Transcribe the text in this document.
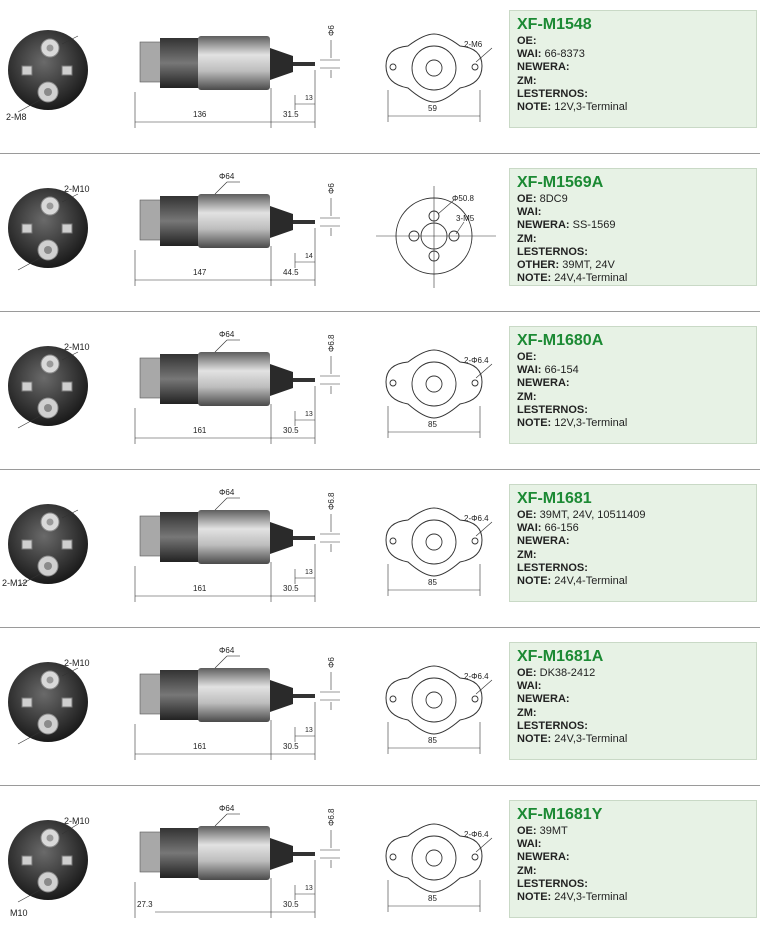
2-M8
Φ6
136	31.5
13
2-M6
59
XF-M1548
OE:
WAI: 66-8373
NEWERA:
ZM:
LESTERNOS:
NOTE: 12V,3-Terminal
2-M10
Φ64
Φ6
147	44.5
14
3-M5
Φ50.8
XF-M1569A
OE: 8DC9
WAI:
NEWERA: SS-1569
ZM:
LESTERNOS:
OTHER: 39MT, 24V
NOTE: 24V,4-Terminal
2-M10
Φ64	Φ6.8
161	30.5
13
2-Φ6.4
85
XF-M1680A
OE:
WAI: 66-154
NEWERA:
ZM:
LESTERNOS:
NOTE: 12V,3-Terminal
2-M12
Φ64	Φ6.8
161	30.5
13
2-Φ6.4
85
XF-M1681
OE: 39MT, 24V, 10511409
WAI: 66-156
NEWERA:
ZM:
LESTERNOS:
NOTE: 24V,4-Terminal
2-M10
Φ64
Φ6
161	30.5
13
2-Φ6.4
85
XF-M1681A
OE: DK38-2412
WAI:
NEWERA:
ZM:
LESTERNOS:
NOTE: 24V,3-Terminal
2-M10
M10
Φ64	Φ6.8
30.5
13
27.3
2-Φ6.4
85
XF-M1681Y
OE: 39MT
WAI:
NEWERA:
ZM:
LESTERNOS:
NOTE: 24V,3-Terminal
